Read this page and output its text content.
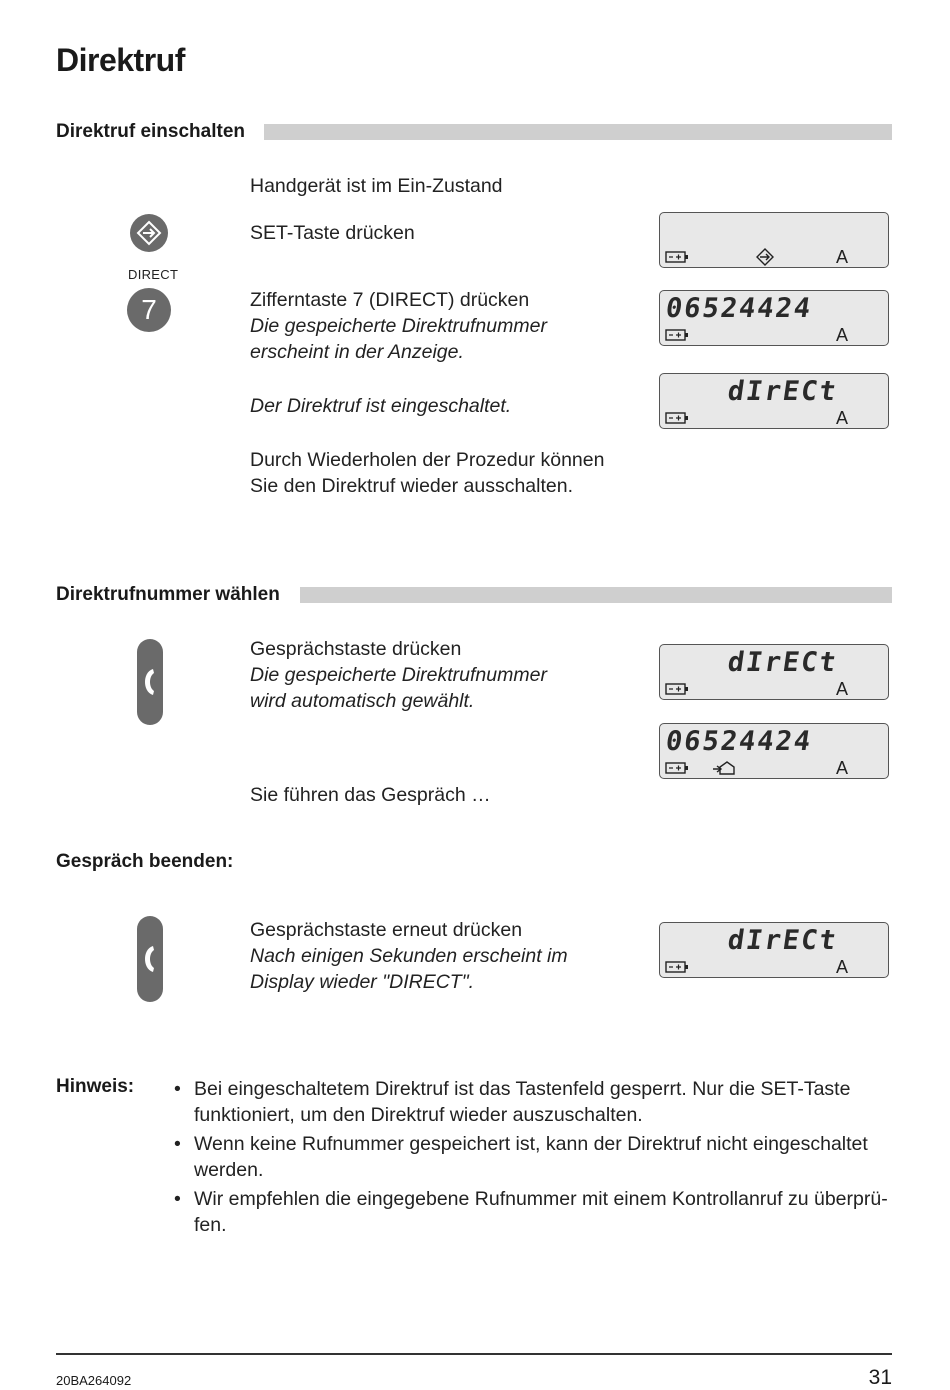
Direktruf
Direktruf einschalten
Handgerät ist im Ein-Zustand
SET-Taste drücken
A
DIRECT
7	Zifferntaste 7 (DIRECT) drücken
Die gespeicherte Direktrufnummer
erscheint in der Anzeige.
06524424
A
dIrECt
A
Der Direktruf ist eingeschaltet.
Durch Wiederholen der Prozedur können
Sie den Direktruf wieder ausschalten.
Direktrufnummer wählen
Gesprächstaste drücken
Die gespeicherte Direktrufnummer
wird automatisch gewählt.
dIrECt
A
06524424
A
Sie führen das Gespräch …
Gespräch beenden:
Gesprächstaste erneut drücken
Nach einigen Sekunden erscheint im
Display wieder "DIRECT".
dIrECt
A
Hinweis: • Bei eingeschaltetem Direktruf ist das Tastenfeld gesperrt. Nur die SET-Taste funktioniert, um den Direktruf wieder auszuschalten.
• Wenn keine Rufnummer gespeichert ist, kann der Direktruf nicht eingeschaltet werden.
• Wir empfehlen die eingegebene Rufnummer mit einem Kontrollanruf zu überprü-fen.
20BA264092	31
